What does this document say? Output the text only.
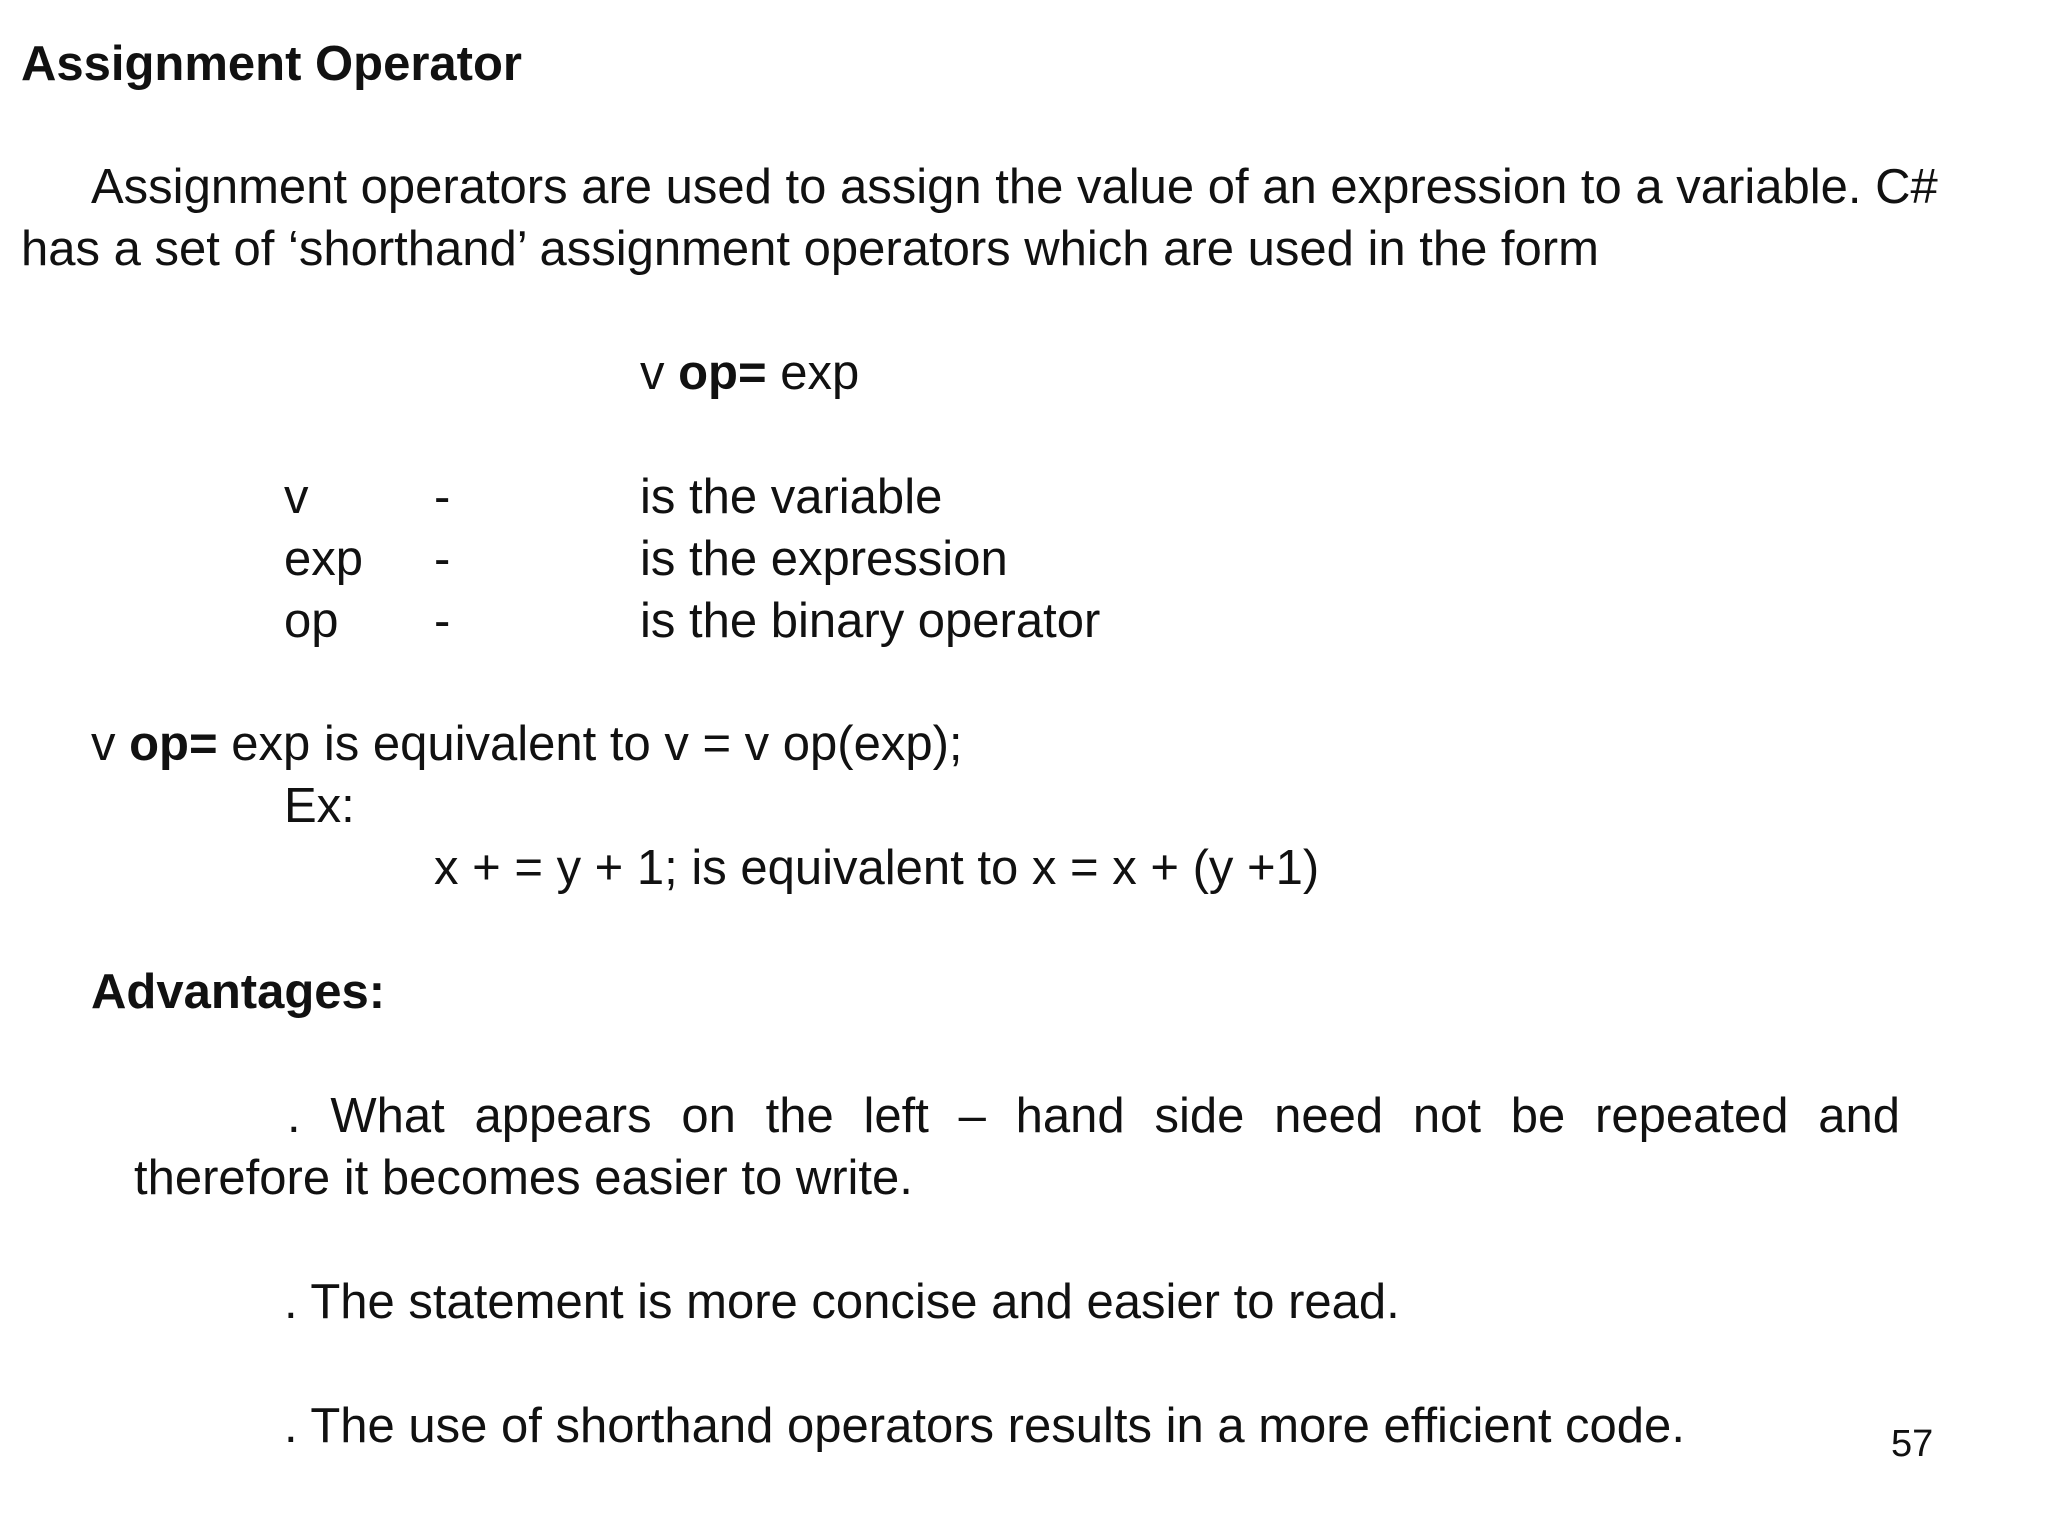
Assignment Operator
Assignment operators are used to assign the value of an expression to a variable. C#
has a set of ‘shorthand’ assignment operators which are used in the form
v op= exp
v	-	is the variable
exp -	is the expression
op -	is the binary operator
v op= exp is equivalent to v = v op(exp);
Ex:
x + = y + 1; is equivalent to x = x + (y +1)
Advantages:
. What appears on the left – hand side need not be repeated and
therefore it becomes easier to write.
. The statement is more concise and easier to read.
. The use of shorthand operators results in a more efficient code.	57
